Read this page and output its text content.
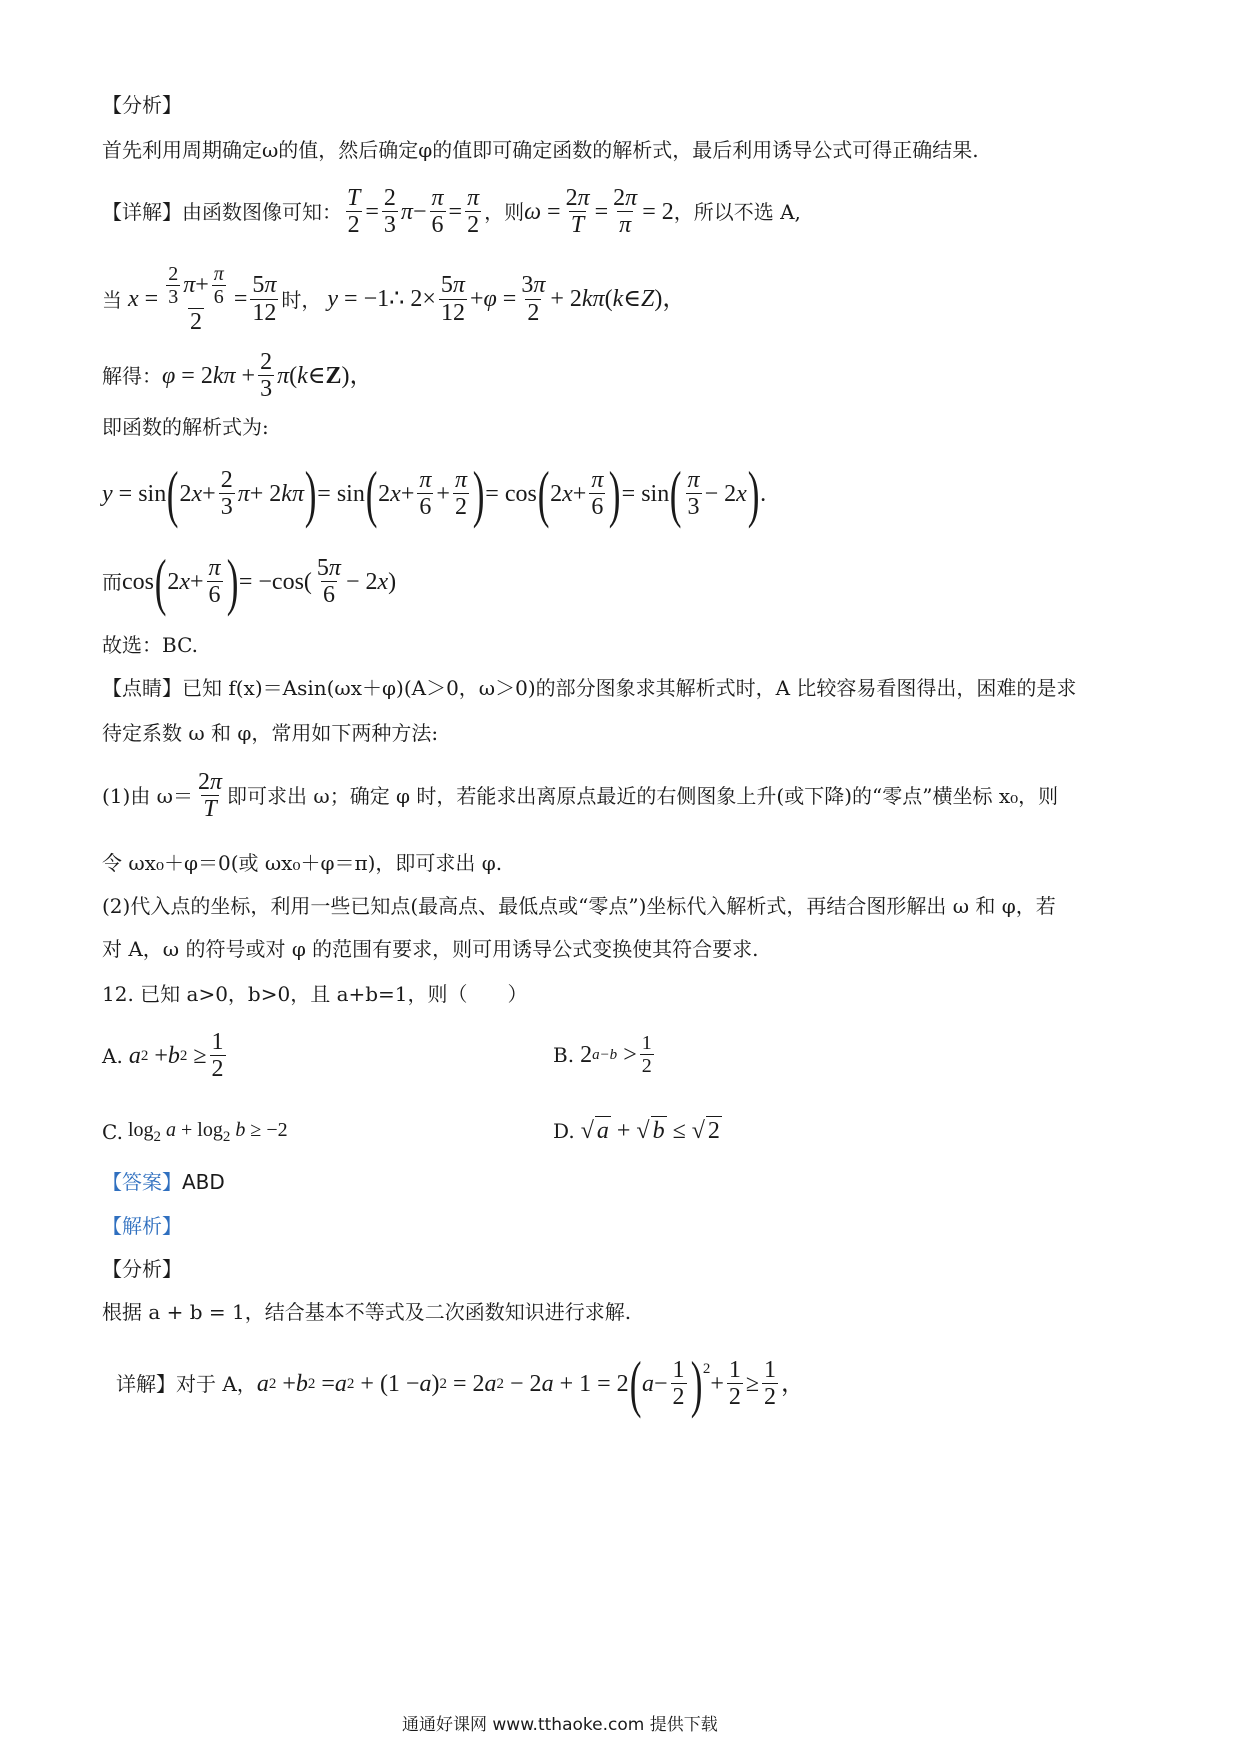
【分析】
首先利用周期确定ω的值，然后确定φ的值即可确定函数的解析式，最后利用诱导公式可得正确结果.
【详解】 由函数图像可知： $\frac{T}{2} = \frac{2}{3}$ $\pi - \frac{\pi}{6} = \frac{\pi}{2}$ ，则 $\omega = \frac{2\pi}{T} = \frac{2\pi}{\pi} = 2$ ，所以不选 A,
当 $x = \frac{\frac{2}{3} \pi + \frac{\pi}{6}}{2} = \frac{5\pi}{12}$ 时，
y = −1∴ $2\times \frac{5\pi}{12} + \varphi = \frac{3\pi}{2} + 2$ kπ ( k ∈ Z )，
解得： φ = 2 $k\pi + \frac{2}{3}$ π ( k ∈ Z )，
即函数的解析式为:
y = sin ( 2 $x + \frac{2}{3}$ π + 2 kπ ) = sin ( 2 $x + \frac{\pi}{6} + \frac{\pi}{2}$ ) = cos ( 2 $x + \frac{\pi}{6}$ ) = sin ( $\frac{\pi}{3} - 2$ x ) .
而 cos ( 2 $x + \frac{\pi}{6}$ ) = $-\cos( \frac{5\pi}{6} - 2$ x )
故选：BC.
【点睛】 已知 f(x)＝Asin(ωx＋φ)(A＞0，ω＞0)的部分图象求其解析式时，A 比较容易看图得出，困难的是求
待定系数 ω 和 φ，常用如下两种方法:
(1)由 $\omega= \frac{2\pi}{T}$ 即可求出 ω；确定 φ 时，若能求出离原点最近的右侧图象上升(或下降)的“零点”横坐标 x₀，则
令 ωx₀＋φ＝0(或 ωx₀＋φ＝π)，即可求出 φ.
(2)代入点的坐标，利用一些已知点(最高点、最低点或“零点”)坐标代入解析式，再结合图形解出 ω 和 φ，若
对 A，ω 的符号或对 φ 的范围有要求，则可用诱导公式变换使其符合要求.
12. 已知 a>0，b>0，且 a+b=1，则（　　）
A.
a 2 + b $2 \ge \frac{1}{2}$	B. 2 $a-b > \frac{1}{2}$
C. $\log_2 a + \log_2 b \ge -2$	D. √ a + √ b ≤ √ 2
【答案】 ABD
【解析】
【分析】
根据 a + b = 1，结合基本不等式及二次函数知识进行求解.
详解】 对于 A， a 2 + b 2 = a 2 + (1 − a ) 2 = 2 a 2 − 2 a + 1 = 2 ( $a - \frac{1}{2} )^2$
+ $\frac{1}{2} \ge \frac{1}{2}$ ，
通通好课网 www.tthaoke.com 提供下载
